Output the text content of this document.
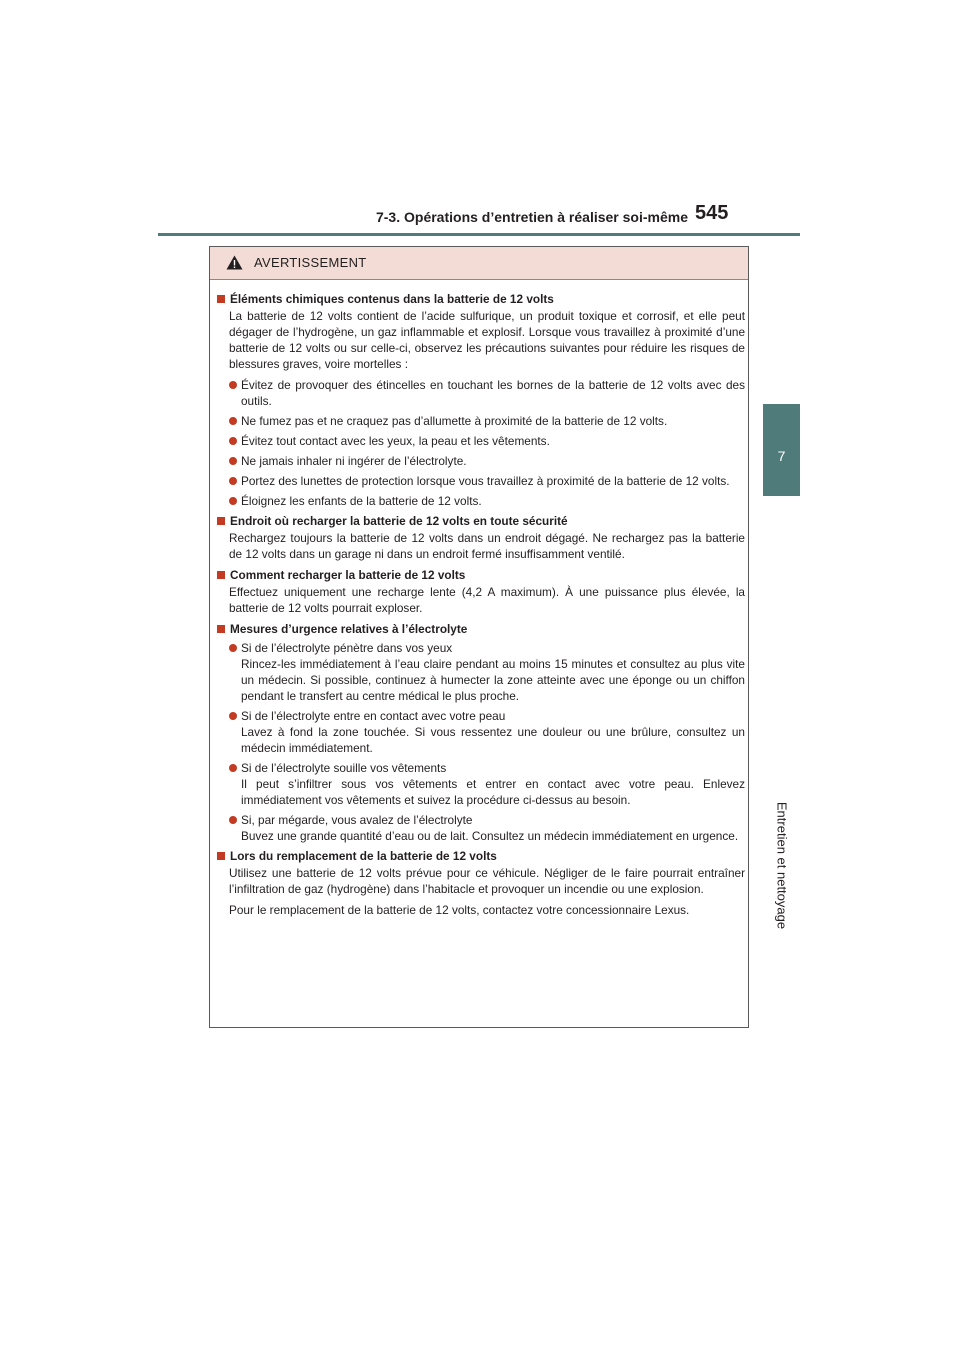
7-3. Opérations d’entretien à réaliser soi-même 545
7
Entretien et nettoyage
AVERTISSEMENT
Éléments chimiques contenus dans la batterie de 12 volts
La batterie de 12 volts contient de l’acide sulfurique, un produit toxique et corrosif, et elle peut dégager de l’hydrogène, un gaz inflammable et explosif. Lorsque vous travaillez à proximité d’une batterie de 12 volts ou sur celle-ci, observez les précautions suivantes pour réduire les risques de blessures graves, voire mortelles :
Évitez de provoquer des étincelles en touchant les bornes de la batterie de 12 volts avec des outils.
Ne fumez pas et ne craquez pas d’allumette à proximité de la batterie de 12 volts.
Évitez tout contact avec les yeux, la peau et les vêtements.
Ne jamais inhaler ni ingérer de l’électrolyte.
Portez des lunettes de protection lorsque vous travaillez à proximité de la batterie de 12 volts.
Éloignez les enfants de la batterie de 12 volts.
Endroit où recharger la batterie de 12 volts en toute sécurité
Rechargez toujours la batterie de 12 volts dans un endroit dégagé. Ne rechargez pas la batterie de 12 volts dans un garage ni dans un endroit fermé insuffisamment ventilé.
Comment recharger la batterie de 12 volts
Effectuez uniquement une recharge lente (4,2 A maximum). À une puissance plus élevée, la batterie de 12 volts pourrait exploser.
Mesures d’urgence relatives à l’électrolyte
Si de l’électrolyte pénètre dans vos yeux
Rincez-les immédiatement à l’eau claire pendant au moins 15 minutes et consultez au plus vite un médecin. Si possible, continuez à humecter la zone atteinte avec une éponge ou un chiffon pendant le transfert au centre médical le plus proche.
Si de l’électrolyte entre en contact avec votre peau
Lavez à fond la zone touchée. Si vous ressentez une douleur ou une brûlure, consultez un médecin immédiatement.
Si de l’électrolyte souille vos vêtements
Il peut s’infiltrer sous vos vêtements et entrer en contact avec votre peau. Enlevez immédiatement vos vêtements et suivez la procédure ci-dessus au besoin.
Si, par mégarde, vous avalez de l’électrolyte
Buvez une grande quantité d’eau ou de lait. Consultez un médecin immédiatement en urgence.
Lors du remplacement de la batterie de 12 volts
Utilisez une batterie de 12 volts prévue pour ce véhicule. Négliger de le faire pourrait entraîner l’infiltration de gaz (hydrogène) dans l’habitacle et provoquer un incendie ou une explosion.
Pour le remplacement de la batterie de 12 volts, contactez votre concessionnaire Lexus.
